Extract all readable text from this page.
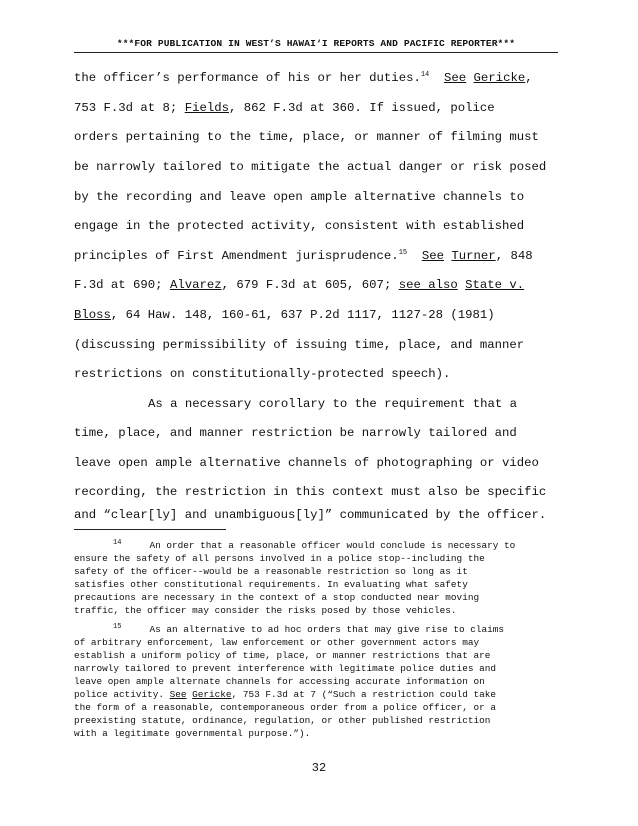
***FOR PUBLICATION IN WEST’S HAWAI‘I REPORTS AND PACIFIC REPORTER***
the officer’s performance of his or her duties.$^{14}$ See Gericke,
753 F.3d at 8; Fields, 862 F.3d at 360. If issued, police
orders pertaining to the time, place, or manner of filming must
be narrowly tailored to mitigate the actual danger or risk posed
by the recording and leave open ample alternative channels to
engage in the protected activity, consistent with established
principles of First Amendment jurisprudence.$^{15}$ See Turner, 848
F.3d at 690; Alvarez, 679 F.3d at 605, 607; see also State v.
Bloss, 64 Haw. 148, 160-61, 637 P.2d 1117, 1127-28 (1981)
(discussing permissibility of issuing time, place, and manner
restrictions on constitutionally-protected speech).
As a necessary corollary to the requirement that a
time, place, and manner restriction be narrowly tailored and
leave open ample alternative channels of photographing or video
recording, the restriction in this context must also be specific
$^{14}$	An order that a reasonable officer would conclude is necessary to
ensure the safety of all persons involved in a police stop--including the
safety of the officer--would be a reasonable restriction so long as it
satisfies other constitutional requirements. In evaluating what safety
precautions are necessary in the context of a stop conducted near moving
traffic, the officer may consider the risks posed by those vehicles.
$^{15}$	As an alternative to ad hoc orders that may give rise to claims
of arbitrary enforcement, law enforcement or other government actors may
establish a uniform policy of time, place, or manner restrictions that are
narrowly tailored to prevent interference with legitimate police duties and
leave open ample alternate channels for accessing accurate information on
police activity. See Gericke, 753 F.3d at 7 (“Such a restriction could take
the form of a reasonable, contemporaneous order from a police officer, or a
preexisting statute, ordinance, regulation, or other published restriction
with a legitimate governmental purpose.”).
32
and “clear[ly] and unambiguous[ly]” communicated by the officer.
